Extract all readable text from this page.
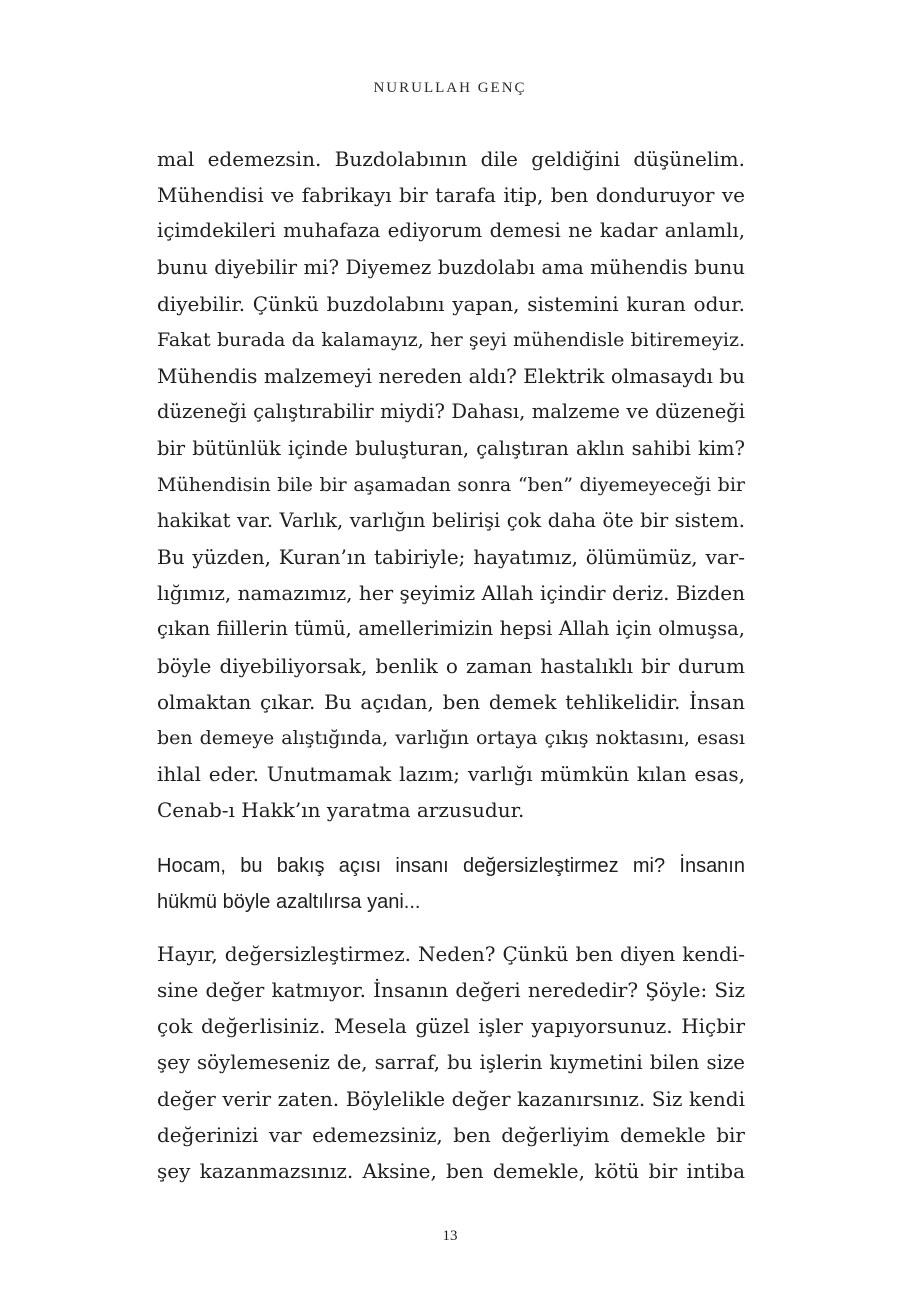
NURULLAH GENÇ
mal edemezsin. Buzdolabının dile geldiğini düşünelim.
Mühendisi ve fabrikayı bir tarafa itip, ben donduruyor ve
içimdekileri muhafaza ediyorum demesi ne kadar anlamlı,
bunu diyebilir mi? Diyemez buzdolabı ama mühendis bunu
diyebilir. Çünkü buzdolabını yapan, sistemini kuran odur.
Fakat burada da kalamayız, her şeyi mühendisle bitiremeyiz.
Mühendis malzemeyi nereden aldı? Elektrik olmasaydı bu
düzeneği çalıştırabilir miydi? Dahası, malzeme ve düzeneği
bir bütünlük içinde buluşturan, çalıştıran aklın sahibi kim?
Mühendisin bile bir aşamadan sonra “ben” diyemeyeceği bir
hakikat var. Varlık, varlığın belirişi çok daha öte bir sistem.
Bu yüzden, Kuran’ın tabiriyle; hayatımız, ölümümüz, var-
lığımız, namazımız, her şeyimiz Allah içindir deriz. Bizden
çıkan fiillerin tümü, amellerimizin hepsi Allah için olmuşsa,
böyle diyebiliyorsak, benlik o zaman hastalıklı bir durum
olmaktan çıkar. Bu açıdan, ben demek tehlikelidir. İnsan
ben demeye alıştığında, varlığın ortaya çıkış noktasını, esası
ihlal eder. Unutmamak lazım; varlığı mümkün kılan esas,
Cenab-ı Hakk’ın yaratma arzusudur.
Hocam, bu bakış açısı insanı değersizleştirmez mi? İnsanın
hükmü böyle azaltılırsa yani...
Hayır, değersizleştirmez. Neden? Çünkü ben diyen kendi-
sine değer katmıyor. İnsanın değeri nerededir? Şöyle: Siz
çok değerlisiniz. Mesela güzel işler yapıyorsunuz. Hiçbir
şey söylemeseniz de, sarraf, bu işlerin kıymetini bilen size
değer verir zaten. Böylelikle değer kazanırsınız. Siz kendi
değerinizi var edemezsiniz, ben değerliyim demekle bir
şey kazanmazsınız. Aksine, ben demekle, kötü bir intiba
13
